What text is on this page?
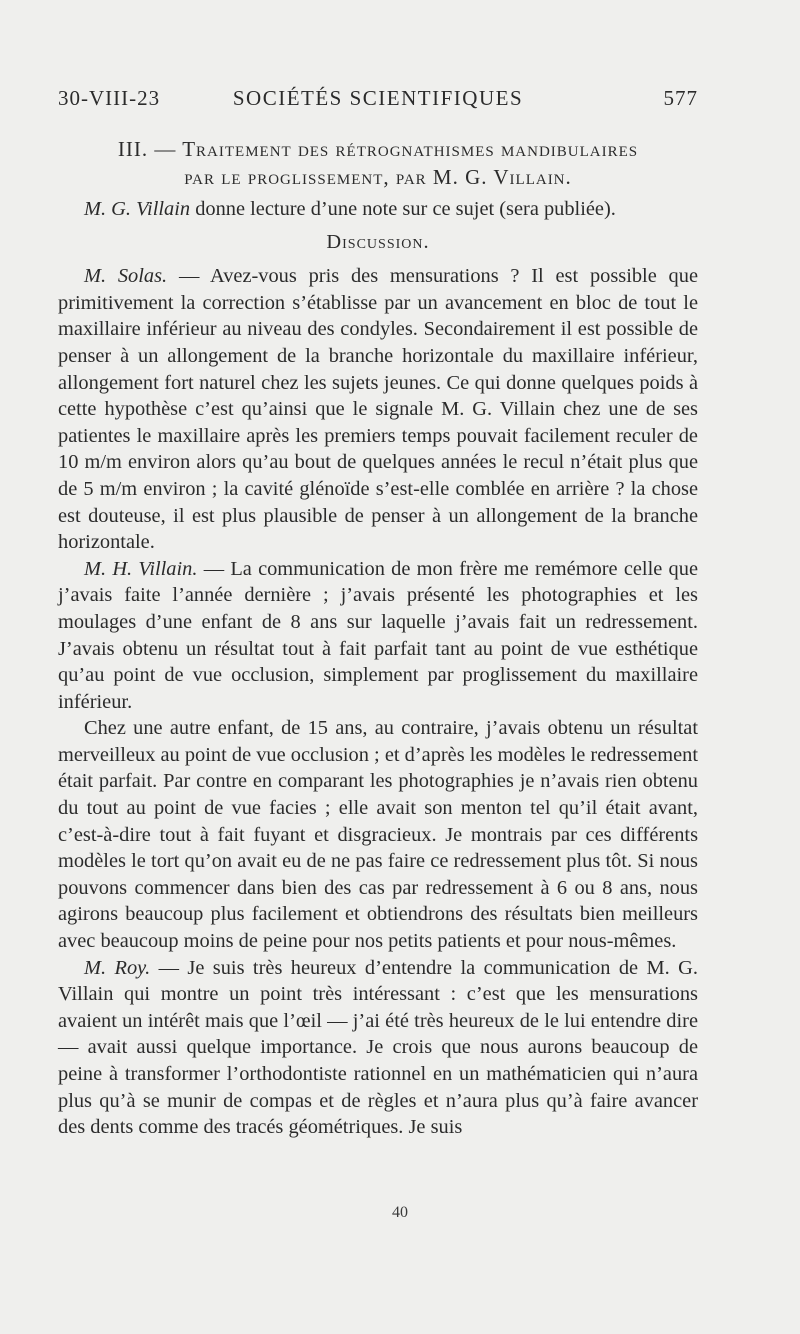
30-VIII-23	SOCIÉTÉS SCIENTIFIQUES	577
III. — Traitement des rétrognathismes mandibulaires
par le proglissement, par M. G. Villain.

M. G. Villain donne lecture d’une note sur ce sujet (sera publiée).

Discussion.

M. Solas. — Avez-vous pris des mensurations ? Il est possible que primitivement la correction s’établisse par un avancement en bloc de tout le maxillaire inférieur au niveau des condyles. Secondairement il est possible de penser à un allongement de la branche horizontale du maxillaire inférieur, allongement fort naturel chez les sujets jeunes. Ce qui donne quelques poids à cette hypothèse c’est qu’ainsi que le signale M. G. Villain chez une de ses patientes le maxillaire après les premiers temps pouvait facilement reculer de 10 m/m environ alors qu’au bout de quelques années le recul n’était plus que de 5 m/m environ ; la cavité glénoïde s’est-elle comblée en arrière ? la chose est douteuse, il est plus plausible de penser à un allongement de la branche horizontale.

M. H. Villain. — La communication de mon frère me remémore celle que j’avais faite l’année dernière ; j’avais présenté les photographies et les moulages d’une enfant de 8 ans sur laquelle j’avais fait un redressement. J’avais obtenu un résultat tout à fait parfait tant au point de vue esthétique qu’au point de vue occlusion, simplement par proglissement du maxillaire inférieur.

Chez une autre enfant, de 15 ans, au contraire, j’avais obtenu un résultat merveilleux au point de vue occlusion ; et d’après les modèles le redressement était parfait. Par contre en comparant les photographies je n’avais rien obtenu du tout au point de vue facies ; elle avait son menton tel qu’il était avant, c’est-à-dire tout à fait fuyant et disgracieux. Je montrais par ces différents modèles le tort qu’on avait eu de ne pas faire ce redressement plus tôt. Si nous pouvons commencer dans bien des cas par redressement à 6 ou 8 ans, nous agirons beaucoup plus facilement et obtiendrons des résultats bien meilleurs avec beaucoup moins de peine pour nos petits patients et pour nous-mêmes.

M. Roy. — Je suis très heureux d’entendre la communication de M. G. Villain qui montre un point très intéressant : c’est que les mensurations avaient un intérêt mais que l’œil — j’ai été très heureux de le lui entendre dire — avait aussi quelque importance. Je crois que nous aurons beaucoup de peine à transformer l’orthodontiste rationnel en un mathématicien qui n’aura plus qu’à se munir de compas et de règles et n’aura plus qu’à faire avancer des dents comme des tracés géométriques. Je suis

40
